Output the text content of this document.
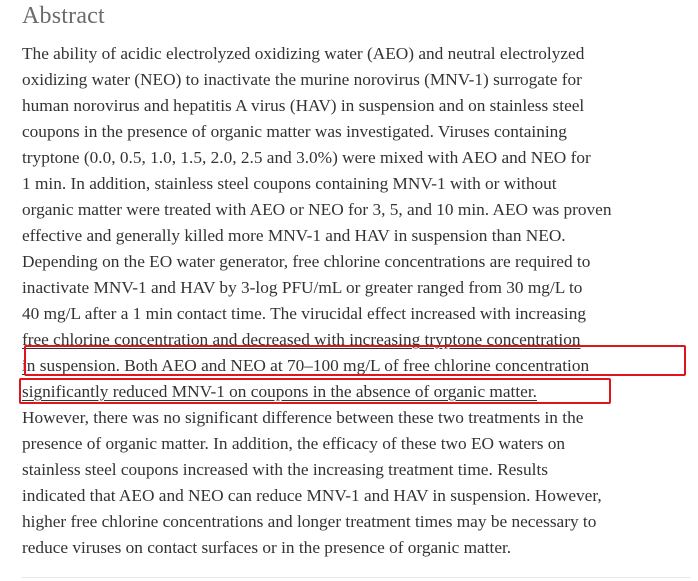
Abstract
The ability of acidic electrolyzed oxidizing water (AEO) and neutral electrolyzed
oxidizing water (NEO) to inactivate the murine norovirus (MNV-1) surrogate for
human norovirus and hepatitis A virus (HAV) in suspension and on stainless steel
coupons in the presence of organic matter was investigated. Viruses containing
tryptone (0.0, 0.5, 1.0, 1.5, 2.0, 2.5 and 3.0%) were mixed with AEO and NEO for
1 min. In addition, stainless steel coupons containing MNV-1 with or without
organic matter were treated with AEO or NEO for 3, 5, and 10 min. AEO was proven
effective and generally killed more MNV-1 and HAV in suspension than NEO.
Depending on the EO water generator, free chlorine concentrations are required to
inactivate MNV-1 and HAV by 3-log PFU/mL or greater ranged from 30 mg/L to
40 mg/L after a 1 min contact time. The virucidal effect increased with increasing
free chlorine concentration and decreased with increasing tryptone concentration
in suspension. Both AEO and NEO at 70–100 mg/L of free chlorine concentration
significantly reduced MNV-1 on coupons in the absence of organic matter.
However, there was no significant difference between these two treatments in the
presence of organic matter. In addition, the efficacy of these two EO waters on
stainless steel coupons increased with the increasing treatment time. Results
indicated that AEO and NEO can reduce MNV-1 and HAV in suspension. However,
higher free chlorine concentrations and longer treatment times may be necessary to
reduce viruses on contact surfaces or in the presence of organic matter.
